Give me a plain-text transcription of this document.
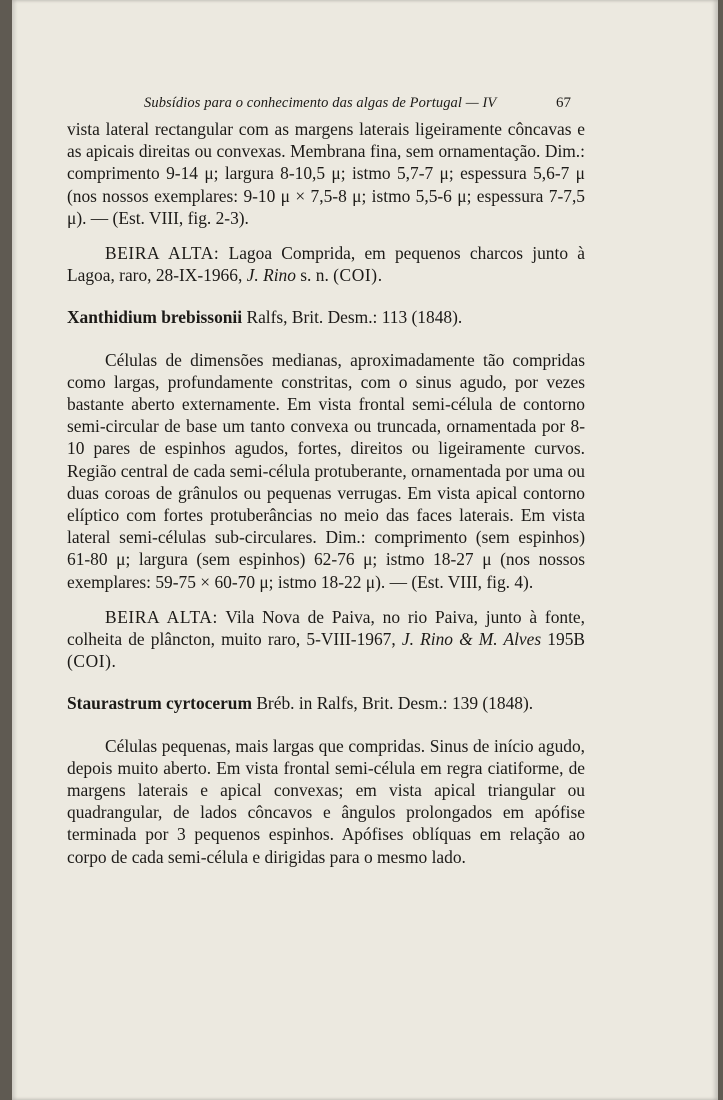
Subsídios para o conhecimento das algas de Portugal — IV	67

vista lateral rectangular com as margens laterais ligeiramente côncavas e as apicais direitas ou convexas. Membrana fina, sem ornamentação. Dim.: comprimento 9-14 μ; largura 8-10,5 μ; istmo 5,7-7 μ; espessura 5,6-7 μ (nos nossos exemplares: 9-10 μ × 7,5-8 μ; istmo 5,5-6 μ; espessura 7-7,5 μ). — (Est. VIII, fig. 2-3).

BEIRA ALTA: Lagoa Comprida, em pequenos charcos junto à Lagoa, raro, 28-IX-1966, J. Rino s. n. (COI).

Xanthidium brebissonii Ralfs, Brit. Desm.: 113 (1848).

Células de dimensões medianas, aproximadamente tão compridas como largas, profundamente constritas, com o sinus agudo, por vezes bastante aberto externamente. Em vista frontal semi-célula de contorno semi-circular de base um tanto convexa ou truncada, ornamentada por 8-10 pares de espinhos agudos, fortes, direitos ou ligeiramente curvos. Região central de cada semi-célula protuberante, ornamentada por uma ou duas coroas de grânulos ou pequenas verrugas. Em vista apical contorno elíptico com fortes protuberâncias no meio das faces laterais. Em vista lateral semi-células sub-circulares. Dim.: comprimento (sem espinhos) 61-80 μ; largura (sem espinhos) 62-76 μ; istmo 18-27 μ (nos nossos exemplares: 59-75 × 60-70 μ; istmo 18-22 μ). — (Est. VIII, fig. 4).

BEIRA ALTA: Vila Nova de Paiva, no rio Paiva, junto à fonte, colheita de plâncton, muito raro, 5-VIII-1967, J. Rino & M. Alves 195B (COI).

Staurastrum cyrtocerum Bréb. in Ralfs, Brit. Desm.: 139 (1848).

Células pequenas, mais largas que compridas. Sinus de início agudo, depois muito aberto. Em vista frontal semi-célula em regra ciatiforme, de margens laterais e apical convexas; em vista apical triangular ou quadrangular, de lados côncavos e ângulos prolongados em apófise terminada por 3 pequenos espinhos. Apófises oblíquas em relação ao corpo de cada semi-célula e dirigidas para o mesmo lado.
